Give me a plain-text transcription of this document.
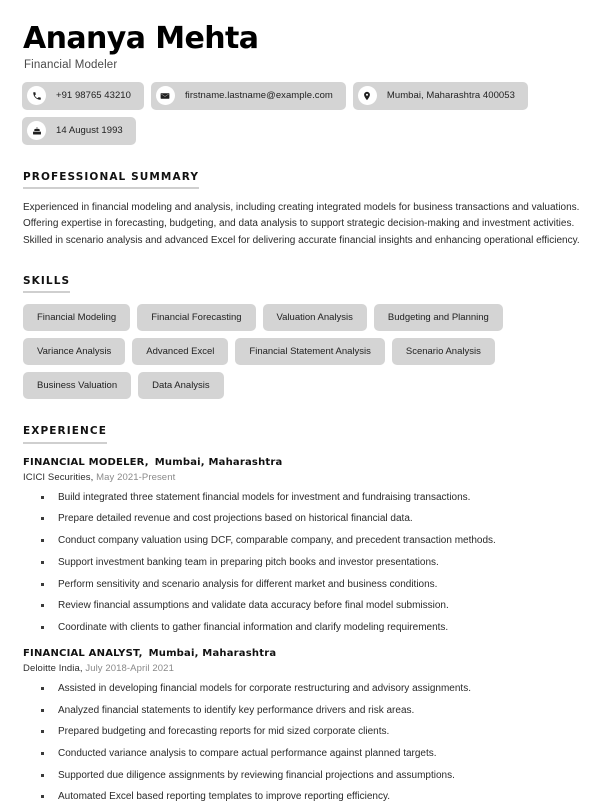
Ananya Mehta
Financial Modeler
+91 98765 43210	firstname.lastname@example.com	Mumbai, Maharashtra 400053
14 August 1993
PROFESSIONAL SUMMARY

Experienced in financial modeling and analysis, including creating integrated models for business transactions and valuations. Offering expertise in forecasting, budgeting, and data analysis to support strategic decision-making and investment activities. Skilled in scenario analysis and advanced Excel for delivering accurate financial insights and enhancing operational efficiency.

SKILLS
Financial Modeling	Financial Forecasting	Valuation Analysis	Budgeting and Planning
Variance Analysis	Advanced Excel	Financial Statement Analysis	Scenario Analysis
Business Valuation	Data Analysis
EXPERIENCE
FINANCIAL MODELER, Mumbai, Maharashtra
ICICI Securities, May 2021-Present
Build integrated three statement financial models for investment and fundraising transactions.
Prepare detailed revenue and cost projections based on historical financial data.
Conduct company valuation using DCF, comparable company, and precedent transaction methods.
Support investment banking team in preparing pitch books and investor presentations.
Perform sensitivity and scenario analysis for different market and business conditions.
Review financial assumptions and validate data accuracy before final model submission.
Coordinate with clients to gather financial information and clarify modeling requirements.
FINANCIAL ANALYST, Mumbai, Maharashtra
Deloitte India, July 2018-April 2021
Assisted in developing financial models for corporate restructuring and advisory assignments.
Analyzed financial statements to identify key performance drivers and risk areas.
Prepared budgeting and forecasting reports for mid sized corporate clients.
Conducted variance analysis to compare actual performance against planned targets.
Supported due diligence assignments by reviewing financial projections and assumptions.
Automated Excel based reporting templates to improve reporting efficiency.
